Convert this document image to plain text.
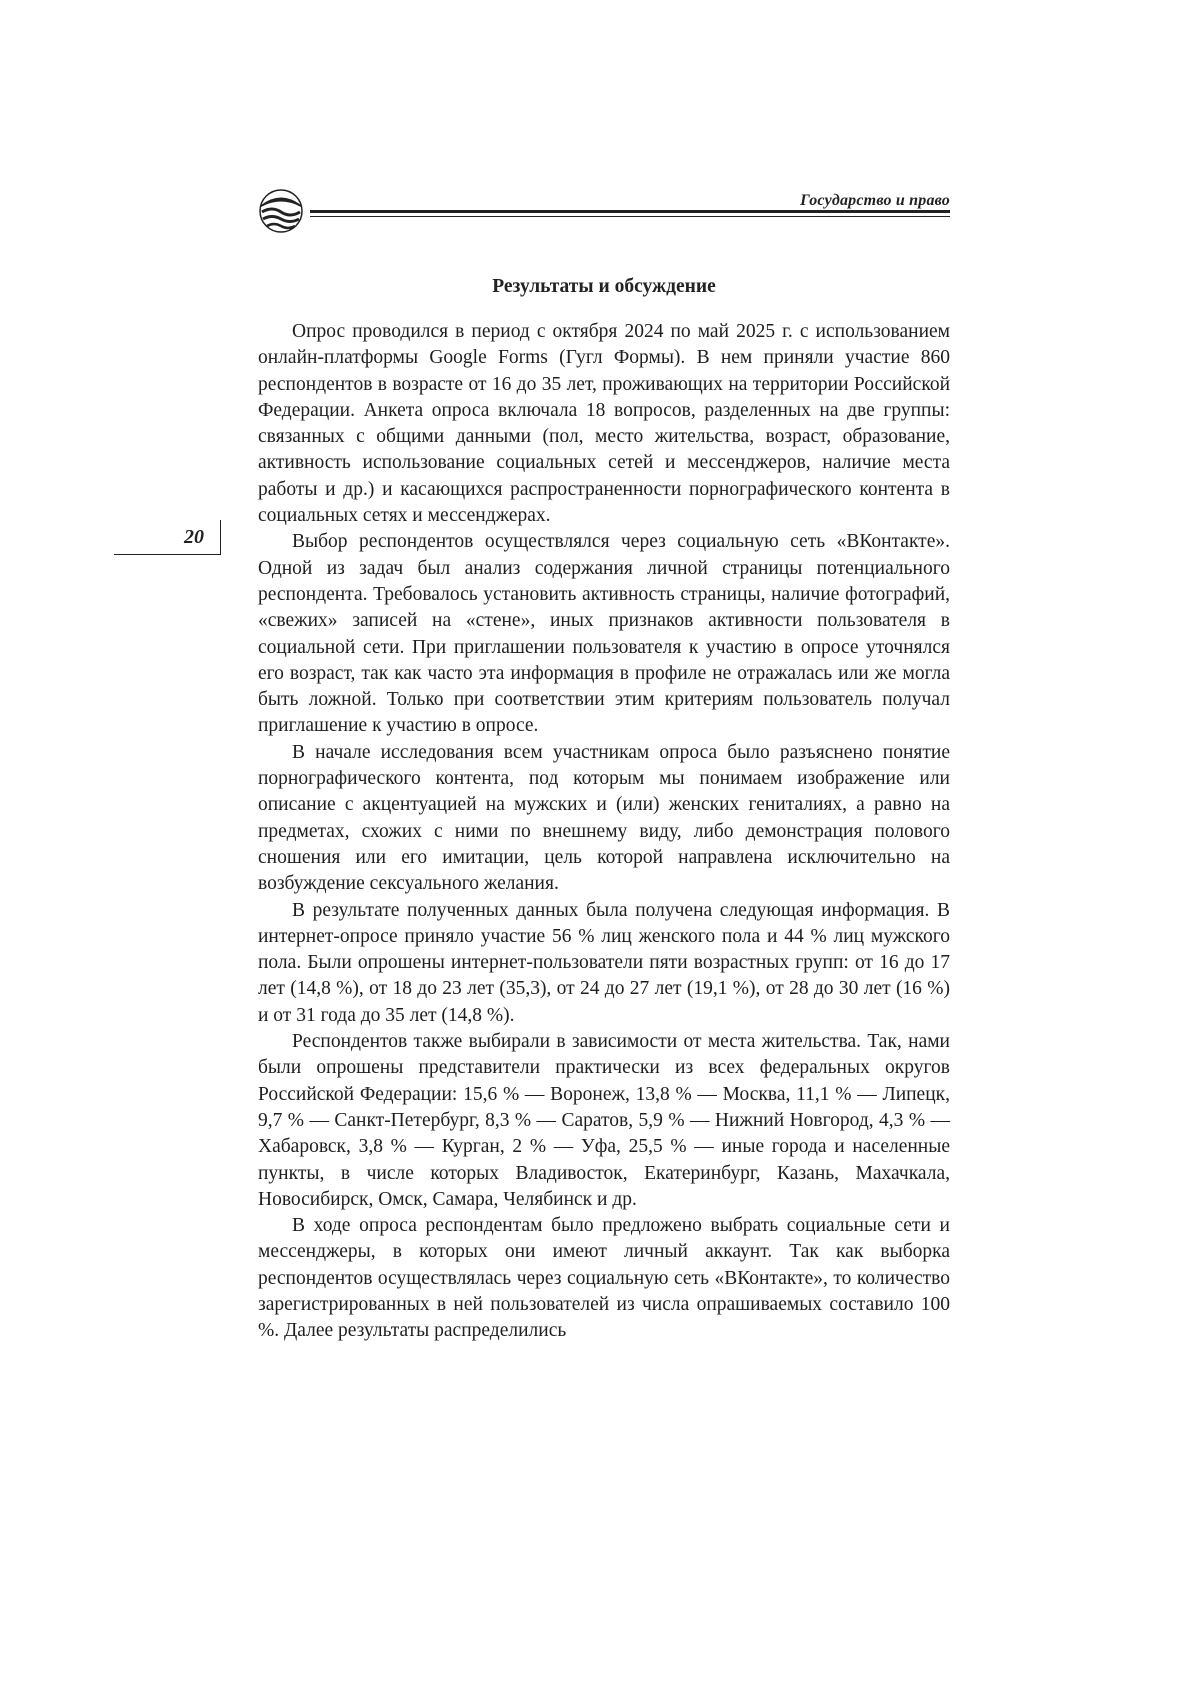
Государство и право
20
Результаты и обсуждение

Опрос проводился в период с октября 2024 по май 2025 г. с использованием онлайн-платформы Google Forms (Гугл Формы). В нем приняли участие 860 респондентов в возрасте от 16 до 35 лет, проживающих на территории Российской Федерации. Анкета опроса включала 18 вопросов, разделенных на две группы: связанных с общими данными (пол, место жительства, возраст, образование, активность использование социальных сетей и мессенджеров, наличие места работы и др.) и касающихся распространенности порнографического контента в социальных сетях и мессенджерах.

Выбор респондентов осуществлялся через социальную сеть «ВКонтакте». Одной из задач был анализ содержания личной страницы потенциального респондента. Требовалось установить активность страницы, наличие фотографий, «свежих» записей на «стене», иных признаков активности пользователя в социальной сети. При приглашении пользователя к участию в опросе уточнялся его возраст, так как часто эта информация в профиле не отражалась или же могла быть ложной. Только при соответствии этим критериям пользователь получал приглашение к участию в опросе.

В начале исследования всем участникам опроса было разъяснено понятие порнографического контента, под которым мы понимаем изображение или описание с акцентуацией на мужских и (или) женских гениталиях, а равно на предметах, схожих с ними по внешнему виду, либо демонстрация полового сношения или его имитации, цель которой направлена исключительно на возбуждение сексуального желания.

В результате полученных данных была получена следующая информация. В интернет-опросе приняло участие 56 % лиц женского пола и 44 % лиц мужского пола. Были опрошены интернет-пользователи пяти возрастных групп: от 16 до 17 лет (14,8 %), от 18 до 23 лет (35,3), от 24 до 27 лет (19,1 %), от 28 до 30 лет (16 %) и от 31 года до 35 лет (14,8 %).

Респондентов также выбирали в зависимости от места жительства. Так, нами были опрошены представители практически из всех федеральных округов Российской Федерации: 15,6 % — Воронеж, 13,8 % — Москва, 11,1 % — Липецк, 9,7 % — Санкт-Петербург, 8,3 % — Саратов, 5,9 % — Нижний Новгород, 4,3 % — Хабаровск, 3,8 % — Курган, 2 % — Уфа, 25,5 % — иные города и населенные пункты, в числе которых Владивосток, Екатеринбург, Казань, Махачкала, Новосибирск, Омск, Самара, Челябинск и др.

В ходе опроса респондентам было предложено выбрать социальные сети и мессенджеры, в которых они имеют личный аккаунт. Так как выборка респондентов осуществлялась через социальную сеть «ВКонтакте», то количество зарегистрированных в ней пользователей из числа опрашиваемых составило 100 %. Далее результаты распределились
